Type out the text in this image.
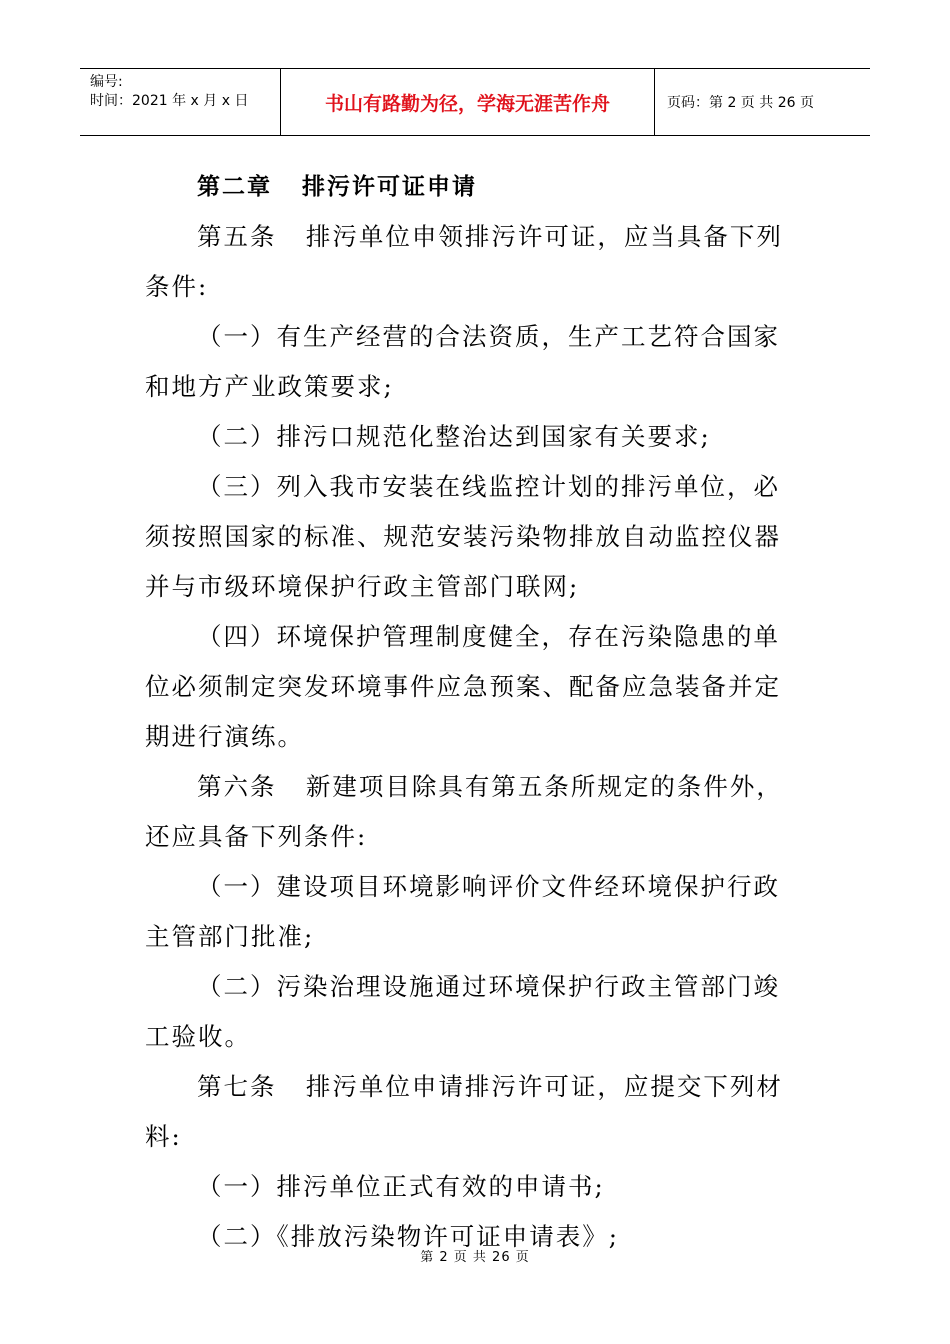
编号:
时间：2021 年 x 月 x 日	书山有路勤为径，学海无涯苦作舟	页码：第 2 页 共 26 页

第二章   排污许可证申请

第五条   排污单位申领排污许可证，应当具备下列条件:

（一）有生产经营的合法资质，生产工艺符合国家和地方产业政策要求;

（二）排污口规范化整治达到国家有关要求;

（三）列入我市安装在线监控计划的排污单位，必须按照国家的标准、规范安装污染物排放自动监控仪器并与市级环境保护行政主管部门联网;

（四）环境保护管理制度健全，存在污染隐患的单位必须制定突发环境事件应急预案、配备应急装备并定期进行演练。

第六条   新建项目除具有第五条所规定的条件外，还应具备下列条件:

（一）建设项目环境影响评价文件经环境保护行政主管部门批准;

（二）污染治理设施通过环境保护行政主管部门竣工验收。

第七条   排污单位申请排污许可证，应提交下列材料:

（一）排污单位正式有效的申请书;

（二）《排放污染物许可证申请表》;

第 2 页 共 26 页
